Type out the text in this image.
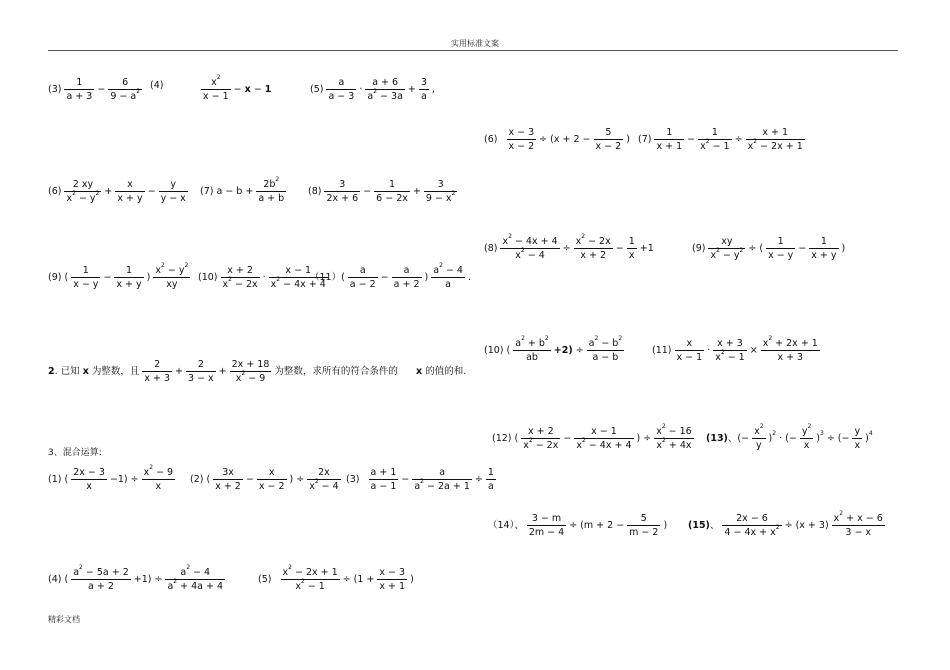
实用标准文案
$(3) \frac{1}{a + 3} - \frac{6}{9 - a^2} (4)$	$\frac{x^2}{x - 1} - x - 1$	$(5) \frac{a}{a - 3} \cdot \frac{a + 6}{a^2 - 3a} + \frac{3}{a}$ ,
$(6) \frac{x - 3}{x - 2} \div (x + 2 - \frac{5}{x - 2}$ ) $(7) \frac{1}{x + 1} - \frac{1}{x^2 - 1} \div \frac{x + 1}{x^2 - 2x + 1}$
$(6) \frac{2 xy}{x^2 - y^2} + \frac{x}{x + y} - \frac{y}{y - x} (7) a - b + \frac{2b^2}{a + b} (8) \frac{3}{2x + 6} - \frac{1}{6 - 2x} + \frac{3}{9 - x^2}$
$(8) \frac{x^2 - 4x + 4}{x^2 - 4} \div \frac{x^2 - 2x}{x + 2} - \frac{1}{x} +1$	$(9) \frac{xy}{x^2 - y^2}$ ÷ ( $\frac{1}{x - y} - \frac{1}{x + y}$ )
(9) ( $\frac{1}{x - y} - \frac{1}{x + y}$ ) $\frac{x^2 - y^2}{xy} (10) \frac{x + 2}{x^2 - 2x} \cdot \frac{x - 1}{x^2 - 4x + 4}$
$(11)( \frac{a}{a - 2} - \frac{a}{a + 2}$ ) $\frac{a^2 - 4}{a}$ .
(10) ( $\frac{a^2 + b^2}{ab} +2) \div \frac{a^2 - b^2}{a - b}$	$(11) \frac{x}{x - 1} \cdot \frac{x + 3}{x^2 - 1} \times \frac{x^2 + 2x + 1}{x + 3}$
2. 已知 x 为整数，且 $\frac{2}{x + 3} + \frac{2}{3 - x} + \frac{2x + 18}{x^2 - 9}$ 为整数，求所有的符合条件的      x 的值的和.
3、混合运算:
(12) ( $\frac{x + 2}{x^2 - 2x} - \frac{x - 1}{x^2 - 4x + 4}$ ) ÷ $\frac{x^2 - 16}{x^2 + 4x} (13)$、(− $\frac{x^2}{y} )^2$ · (− $\frac{y^2}{x} )^3$ ÷ (− $\frac{y}{x} )^4$
(1) ( $\frac{2x - 3}{x} -1) \div \frac{x^2 - 9}{x} (2)$ ( $\frac{3x}{x + 2} - \frac{x}{x - 2}$ ) ÷ $\frac{2x}{x^2 - 4} (3) \frac{a + 1}{a - 1} - \frac{a}{a^2 - 2a + 1} \div \frac{1}{a}$
（14）、 $\frac{3 - m}{2m - 4} \div (m + 2 - \frac{5}{m - 2}$ ) (15)、 $\frac{2x - 6}{4 - 4x + x^2} \div (x + 3) \frac{x^2 + x - 6}{3 - x}$
(4) ( $\frac{a^2 - 5a + 2}{a + 2} +1) \div \frac{a^2 - 4}{a^2 + 4a + 4}$	$(5) \frac{x^2 - 2x + 1}{x^2 - 1} \div (1 + \frac{x - 3}{x + 1}$ )
精彩文档
